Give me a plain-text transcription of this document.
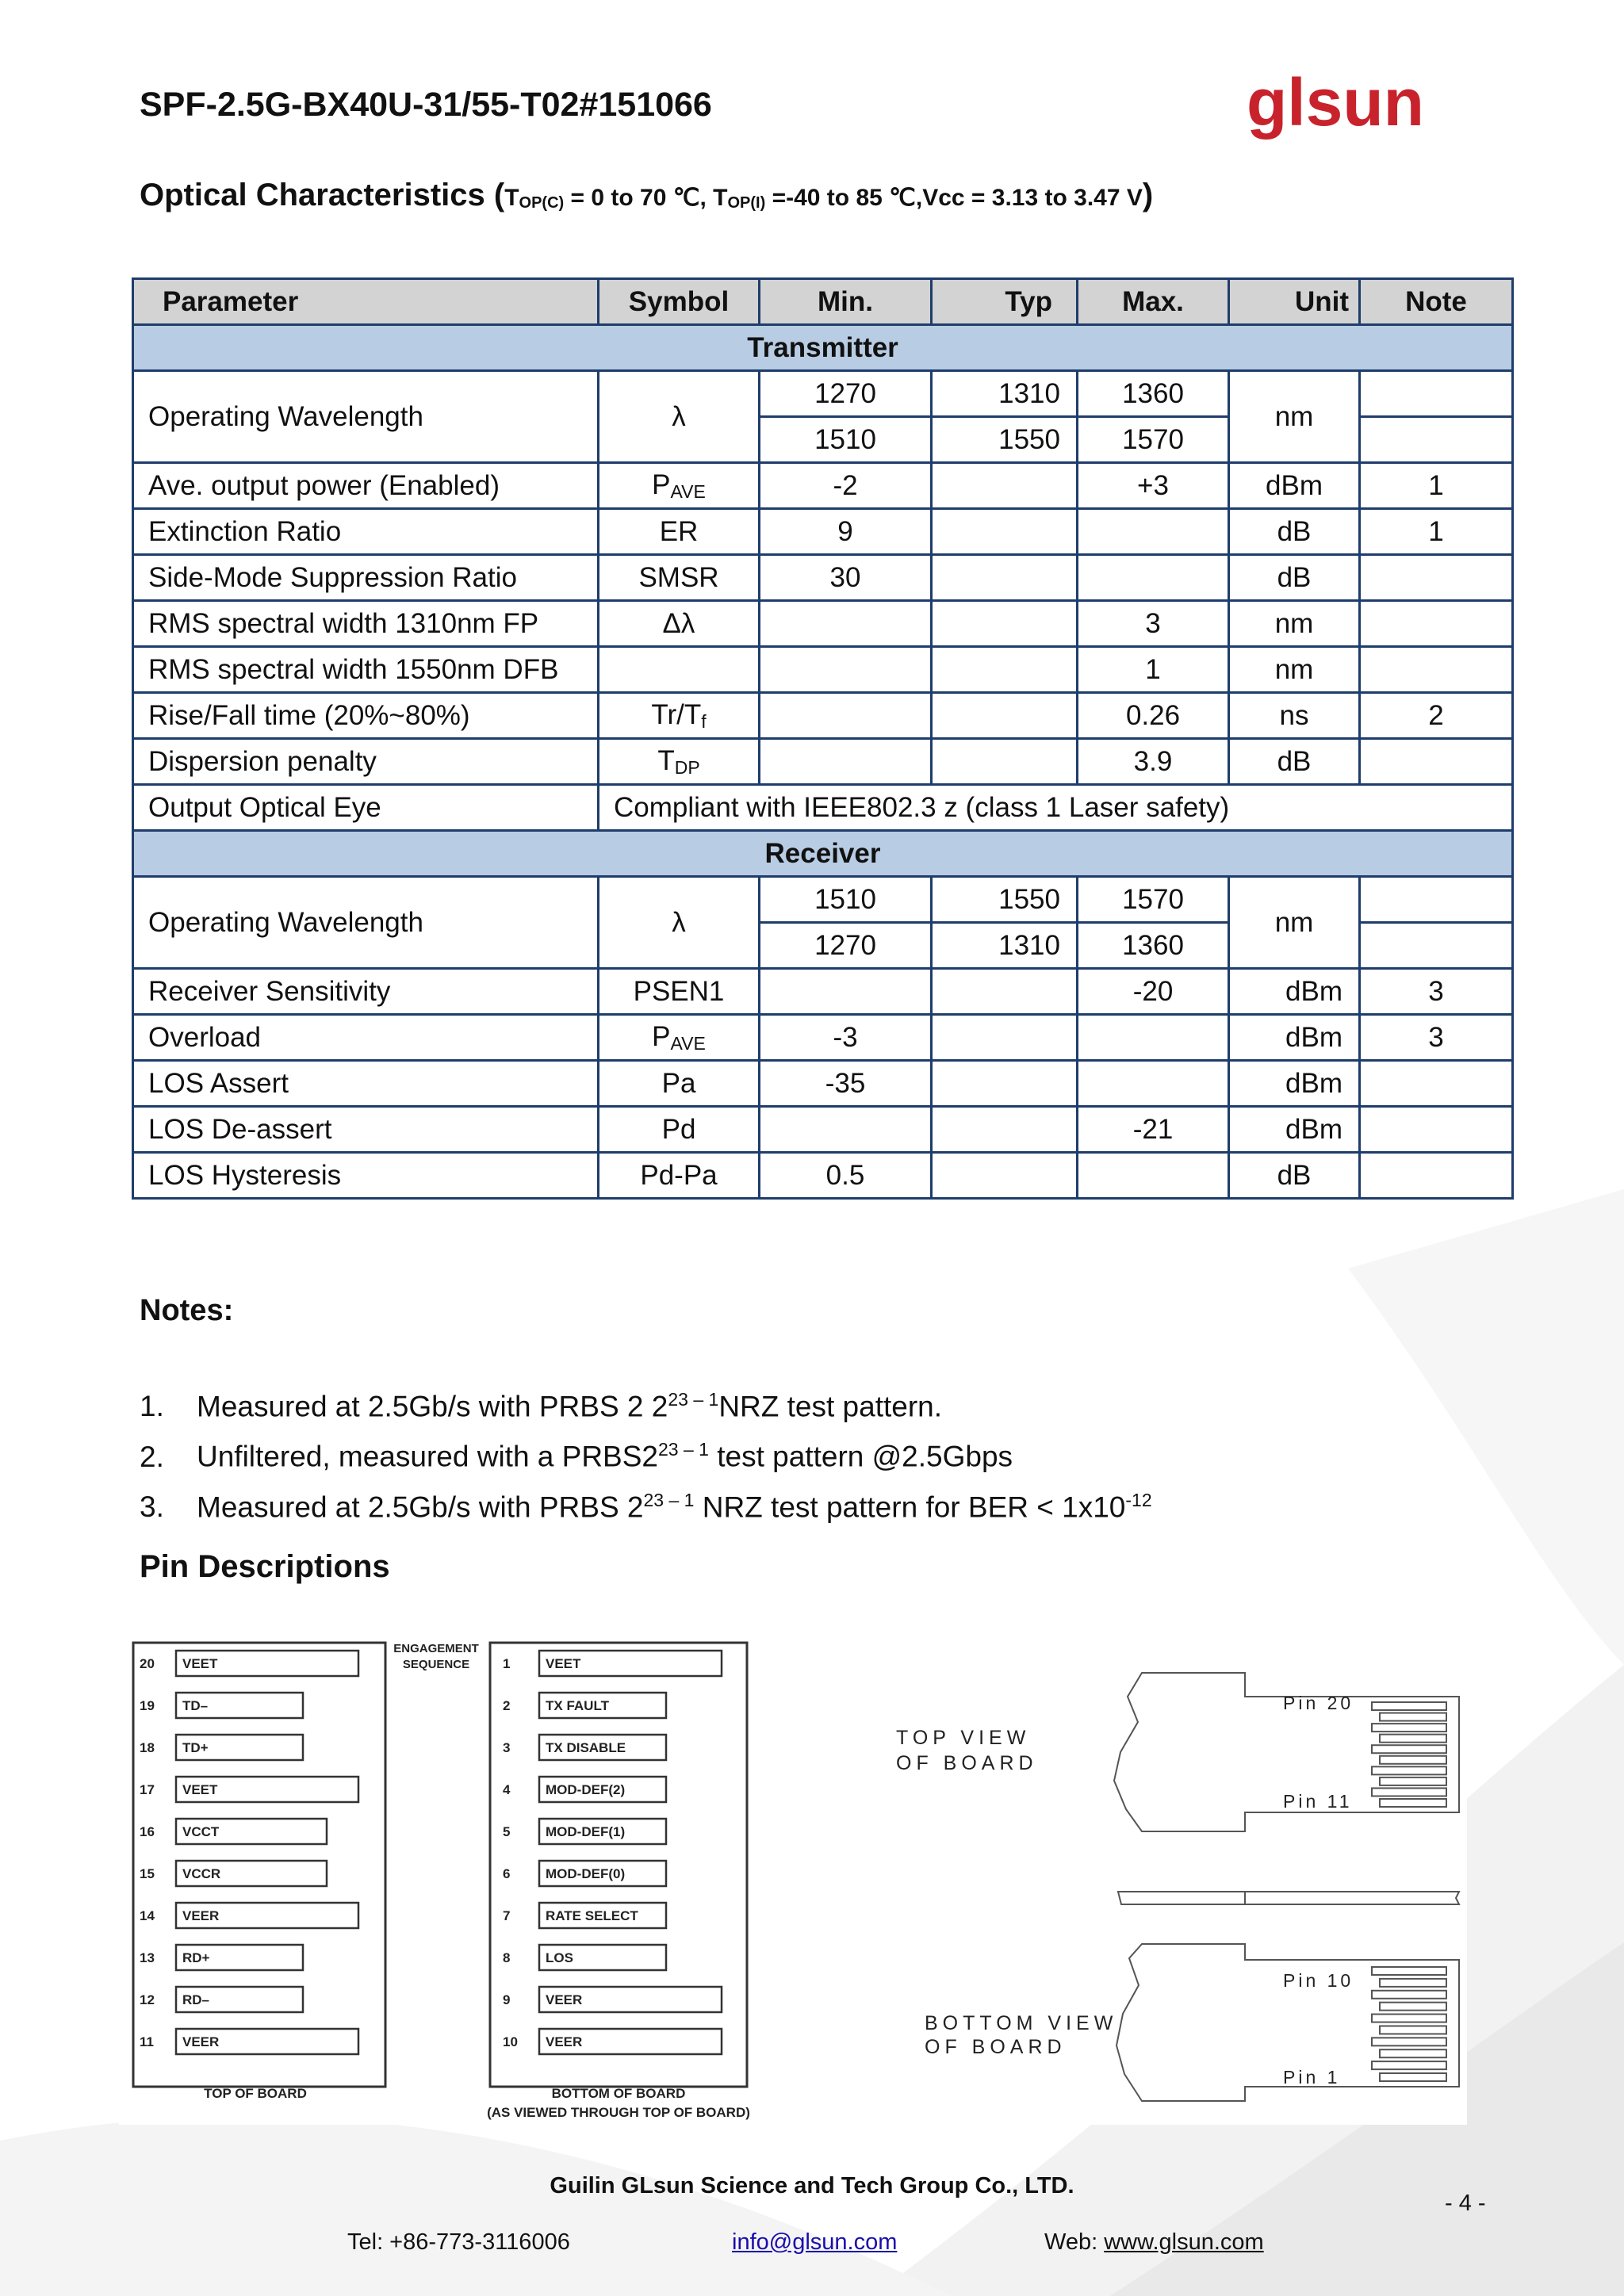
SPF-2.5G-BX40U-31/55-T02#151066	glsun
Optical Characteristics ($T_{OP(C)} = 0$ to 70 ℃, $T_{OP(I)} =-40$ to 85 ℃,Vcc = 3.13 to 3.47 V)
Parameter	Symbol	Min.	Typ	Max.	Unit	Note
Transmitter						
Operating Wavelength	λ	1270	1310	1360	nm	
		1510	1550	1570		
Ave. output power (Enabled)	$P_{AVE}$	-2		+3	dBm	1
Extinction Ratio	ER	9			dB	1
Side-Mode Suppression Ratio	SMSR	30			dB	
RMS spectral width 1310nm FP	Δλ			3	nm	
RMS spectral width 1550nm DFB				1	nm	
Rise/Fall time (20%~80%)	$Tr/T_f$			0.26	ns	2
Dispersion penalty	$T_{DP}$			3.9	dB	
Output Optical Eye	Compliant with IEEE802.3 z (class 1 Laser safety)					
Receiver						
Operating Wavelength	λ	1510	1550	1570	nm	
		1270	1310	1360		
Receiver Sensitivity	PSEN1			-20	dBm	3
Overload	$P_{AVE}$	-3			dBm	3
LOS Assert	Pa	-35			dBm	
LOS De-assert	Pd			-21	dBm	
LOS Hysteresis	Pd-Pa	0.5			dB	
Notes:
1. Measured at 2.5Gb/s with PRBS 2 2$^{23 - 1}$NRZ test pattern.
2. Unfiltered, measured with a PRBS2$^{23 - 1}$ test pattern @2.5Gbps
3. Measured at 2.5Gb/s with PRBS 2$^{23 - 1}$ NRZ test pattern for BER < $1x10^{-12}$
Pin Descriptions
ENGAGEMENT
SEQUENCE
TOP OF BOARD	BOTTOM OF BOARD
(AS VIEWED THROUGH TOP OF BOARD)
20 VEET
19 TD–
18 TD+
17 VEET
16 VCCT
15 VCCR
14 VEER
13 RD+
12 RD–
11 VEER
1	VEET
2	TX FAULT
3	TX DISABLE
4	MOD-DEF(2)
5	MOD-DEF(1)
6	MOD-DEF(0)
7	RATE SELECT
8	LOS
9	VEER
10 VEER
TOP VIEW
OF BOARD
BOTTOM VIEW
OF BOARD
Pin 20
Pin 11
Pin 10
Pin 1
Guilin GLsun Science and Tech Group Co., LTD.
- 4 -
Tel: +86-773-3116006	info@glsun.com	Web: www.glsun.com
